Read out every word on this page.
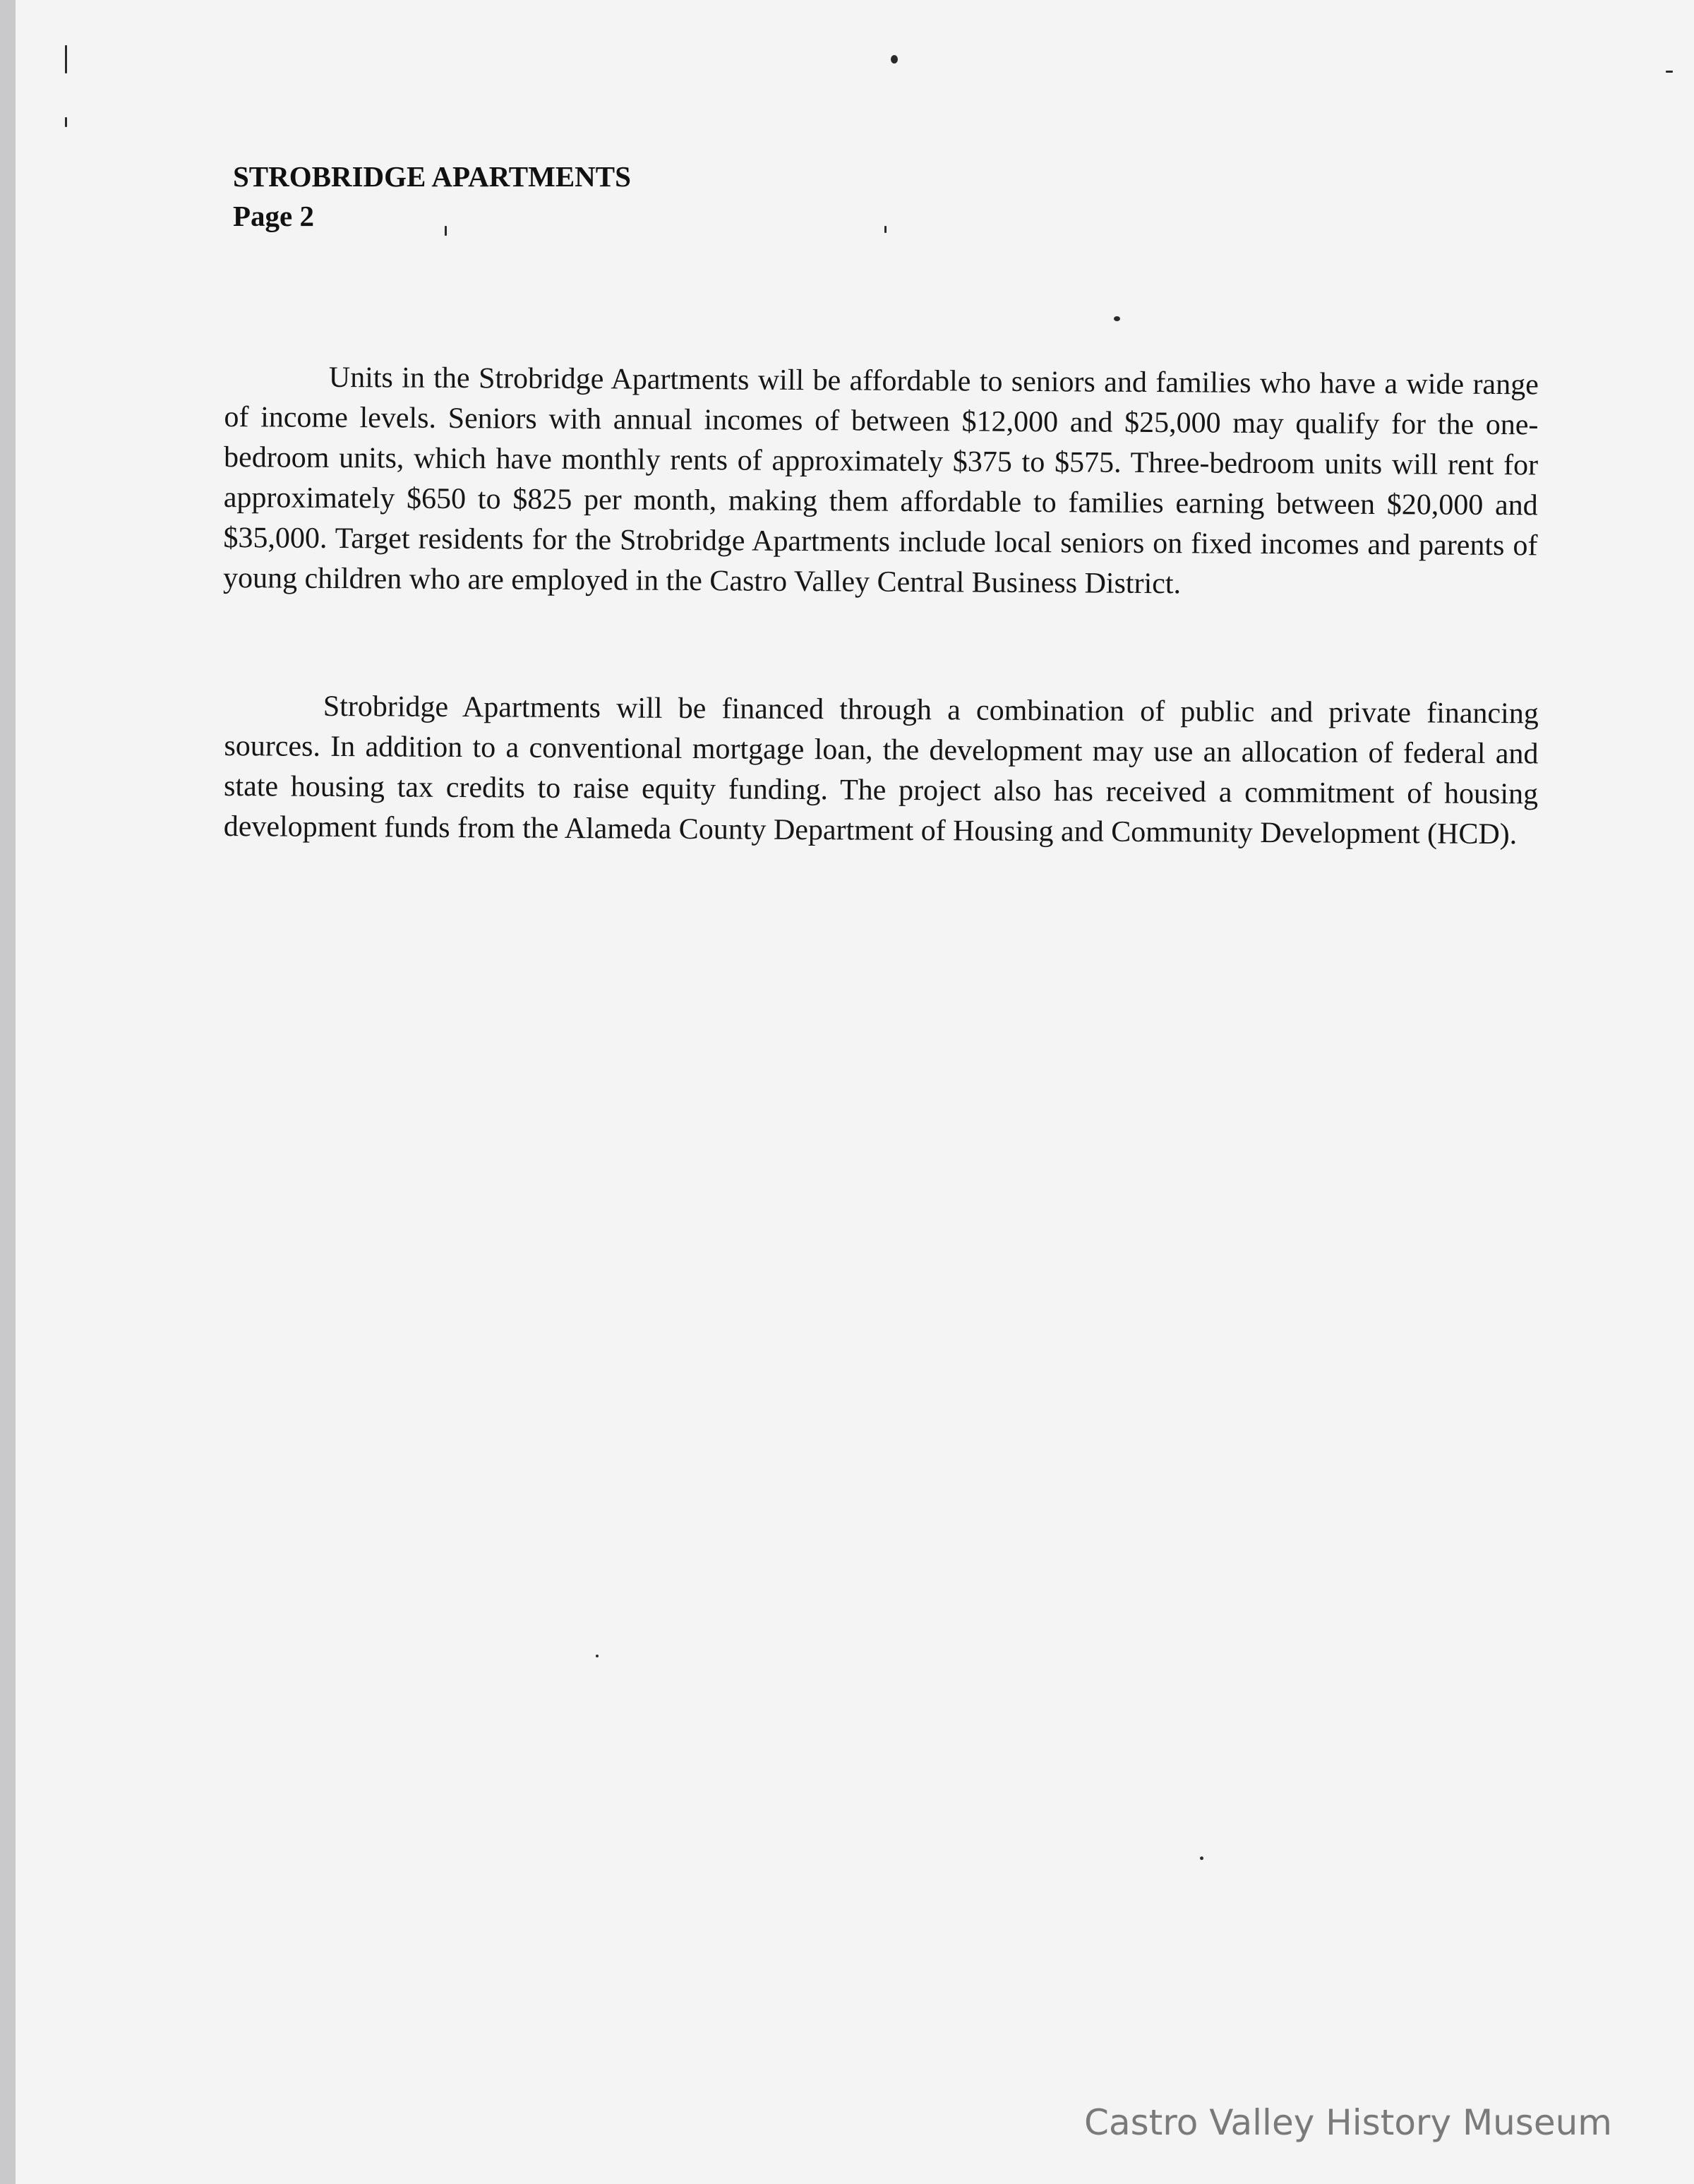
STROBRIDGE APARTMENTS
Page 2

Units in the Strobridge Apartments will be affordable to seniors and families who have a wide range of income levels. Seniors with annual incomes of between $12,000 and $25,000 may qualify for the one-bedroom units, which have monthly rents of approximately $375 to $575. Three-bedroom units will rent for approximately $650 to $825 per month, making them affordable to families earning between $20,000 and $35,000. Target residents for the Strobridge Apartments include local seniors on fixed incomes and parents of young children who are employed in the Castro Valley Central Business District.

Strobridge Apartments will be financed through a combination of public and private financing sources. In addition to a conventional mortgage loan, the development may use an allocation of federal and state housing tax credits to raise equity funding. The project also has received a commitment of housing development funds from the Alameda County Department of Housing and Community Development (HCD).

Castro Valley History Museum
